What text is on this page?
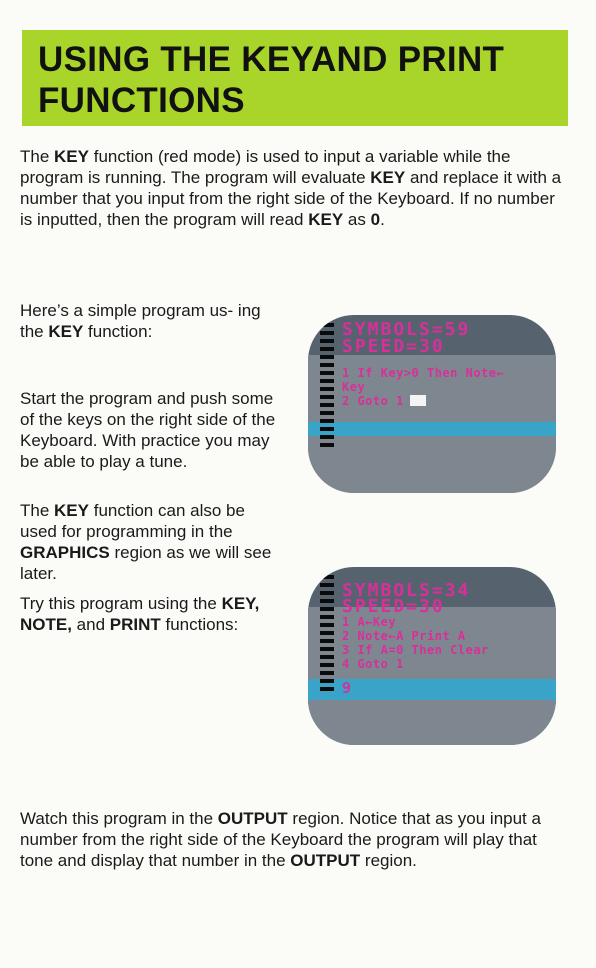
USING THE KEYAND PRINT FUNCTIONS

The KEY function (red mode) is used to input a variable while the program is running. The program will evaluate KEY and replace it with a number that you input from the right side of the Keyboard. If no number is inputted, then the program will read KEY as 0.

Here’s a simple program us- ing the KEY function:

Start the program and push some of the keys on the right side of the Keyboard. With practice you may be able to play a tune.

The KEY function can also be used for programming in the GRAPHICS region as we will see later.

Try this program using the KEY, NOTE, and PRINT functions:

Watch this program in the OUTPUT region. Notice that as you input a number from the right side of the Keyboard the program will play that tone and display that number in the OUTPUT region.

SYMBOLS=59
SPEED=30
1 If Key>0 Then Note←
Key
2 Goto 1
SYMBOLS=34
SPEED=30
1 A←Key
2 Note←A Print A
3 If A=0 Then Clear
4 Goto 1
9
